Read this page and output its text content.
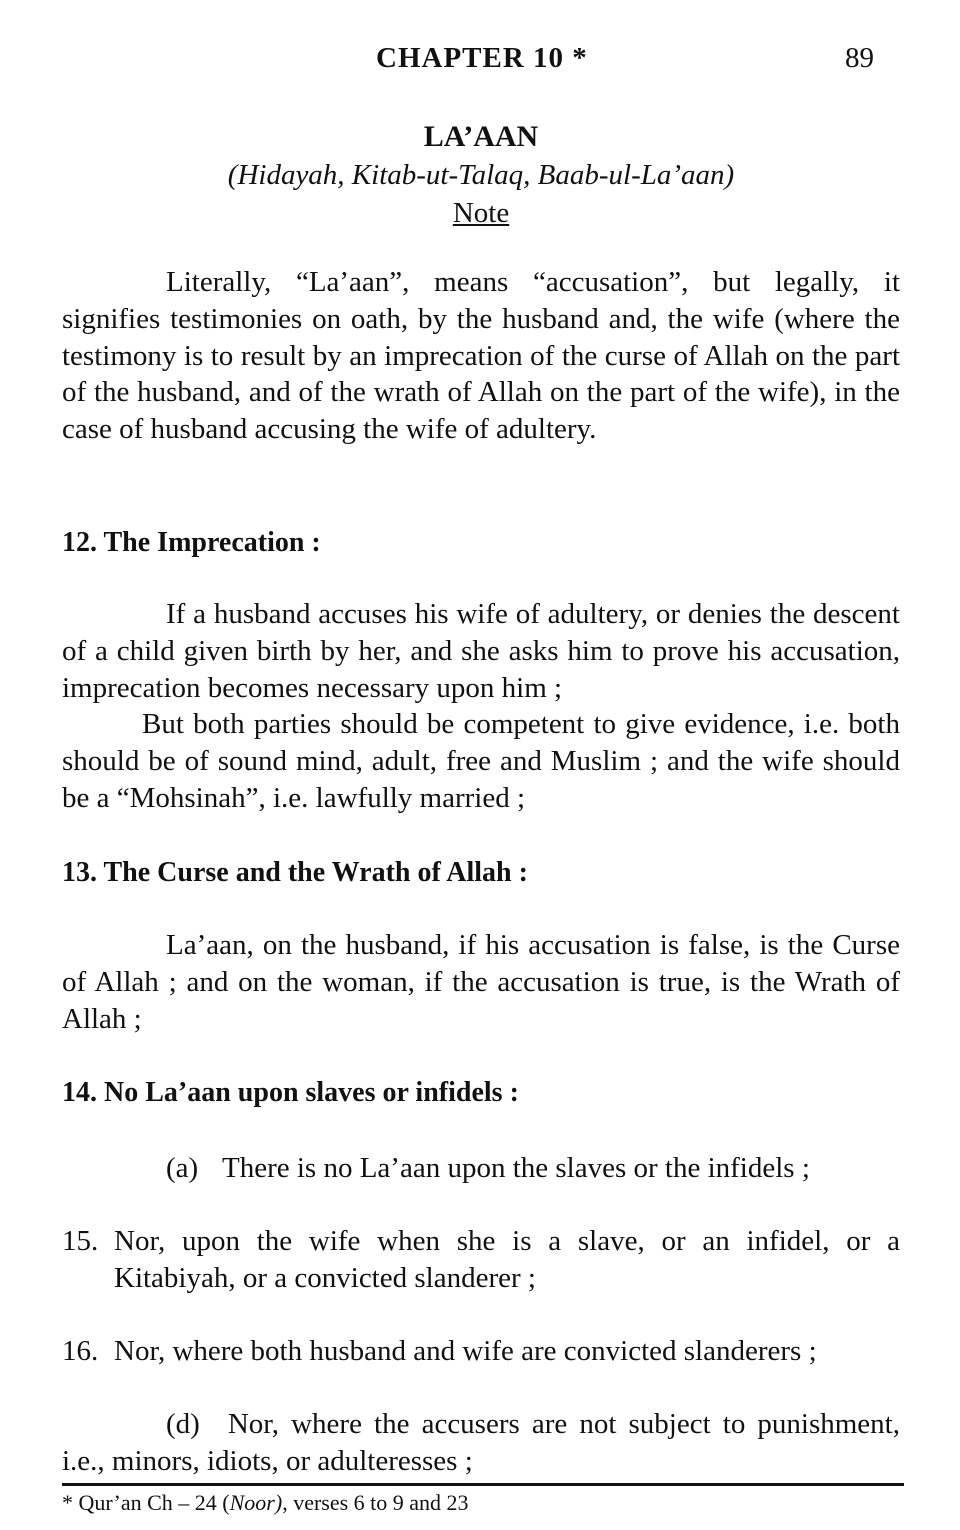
CHAPTER 10 *	89
LA’AAN
(Hidayah, Kitab-ut-Talaq, Baab-ul-La’aan)
Note
Literally, “La’aan”, means “accusation”, but legally, it signifies testimonies on oath, by the husband and, the wife (where the testimony is to result by an imprecation of the curse of Allah on the part of the husband, and of the wrath of Allah on the part of the wife), in the case of husband accusing the wife of adultery.
12. The Imprecation :
If a husband accuses his wife of adultery, or denies the descent of a child given birth by her, and she asks him to prove his accusation, imprecation becomes necessary upon him ;
But both parties should be competent to give evidence, i.e. both should be of sound mind, adult, free and Muslim ; and the wife should be a “Mohsinah”, i.e. lawfully married ;
13. The Curse and the Wrath of Allah :
La’aan, on the husband, if his accusation is false, is the Curse of Allah ; and on the woman, if the accusation is true, is the Wrath of Allah ;
14. No La’aan upon slaves or infidels :
(a) There is no La’aan upon the slaves or the infidels ;
15. Nor, upon the wife when she is a slave, or an infidel, or a Kitabiyah, or a convicted slanderer ;
16. Nor, where both husband and wife are convicted slanderers ;
(d) Nor, where the accusers are not subject to punishment, i.e., minors, idiots, or adulteresses ;
* Qur’an Ch – 24 (Noor), verses 6 to 9 and 23
